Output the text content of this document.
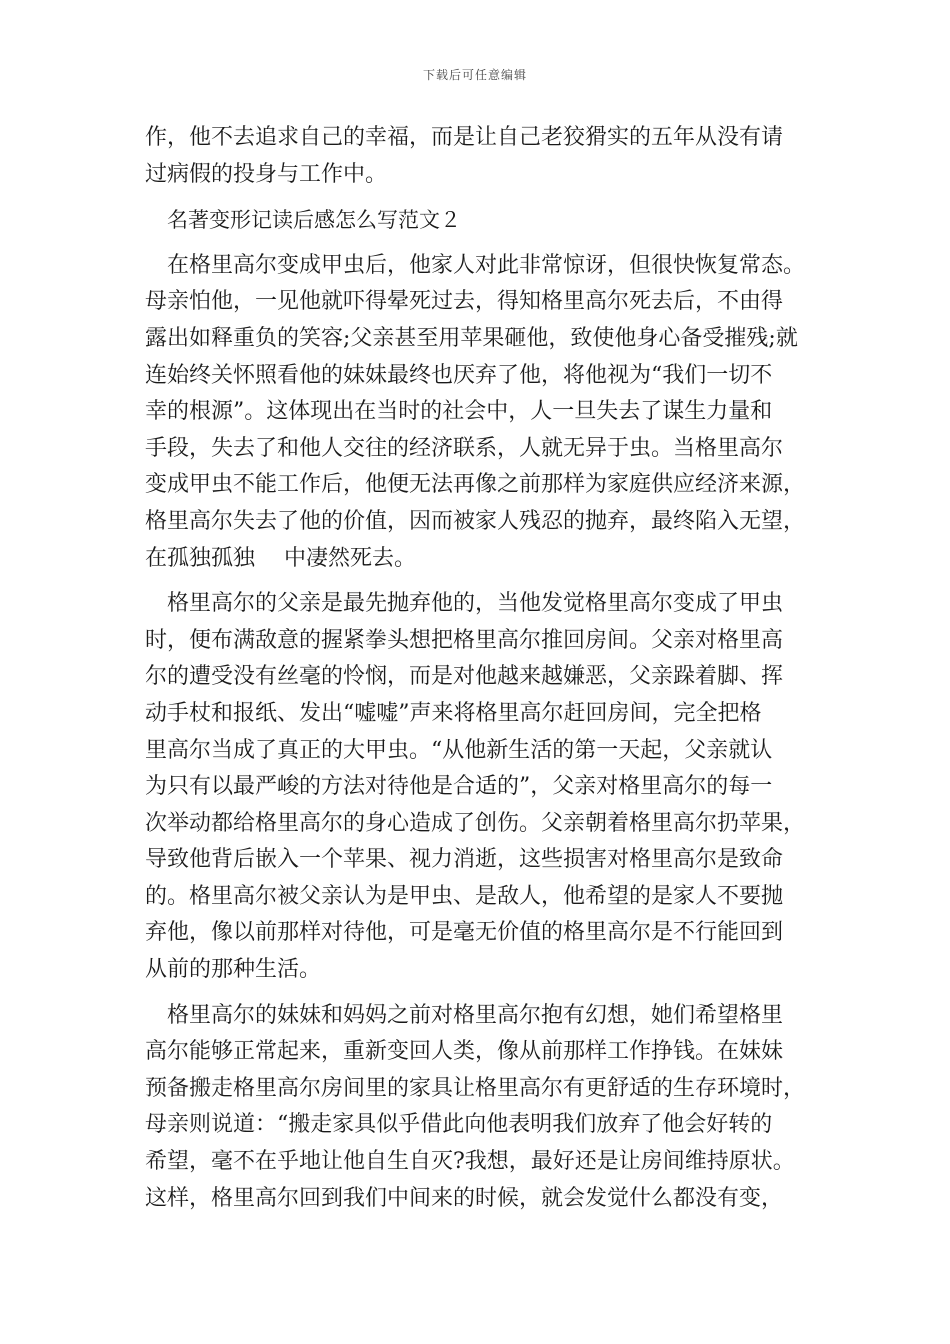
下载后可任意编辑

作，他不去追求自己的幸福，而是让自己老狡猾实的五年从没有请
过病假的投身与工作中。

名著变形记读后感怎么写范文２

在格里高尔变成甲虫后，他家人对此非常惊讶，但很快恢复常态。
母亲怕他，一见他就吓得晕死过去，得知格里高尔死去后，不由得
露出如释重负的笑容;父亲甚至用苹果砸他，致使他身心备受摧残;就
连始终关怀照看他的妹妹最终也厌弃了他，将他视为“我们一切不
幸的根源”。这体现出在当时的社会中，人一旦失去了谋生力量和
手段，失去了和他人交往的经济联系，人就无异于虫。当格里高尔
变成甲虫不能工作后，他便无法再像之前那样为家庭供应经济来源，
格里高尔失去了他的价值，因而被家人残忍的抛弃，最终陷入无望，
在孤独孤独　 中凄然死去。

格里高尔的父亲是最先抛弃他的，当他发觉格里高尔变成了甲虫
时，便布满敌意的握紧拳头想把格里高尔推回房间。父亲对格里高
尔的遭受没有丝毫的怜悯，而是对他越来越嫌恶，父亲跺着脚、挥
动手杖和报纸、发出“嘘嘘”声来将格里高尔赶回房间，完全把格
里高尔当成了真正的大甲虫。“从他新生活的第一天起，父亲就认
为只有以最严峻的方法对待他是合适的”，父亲对格里高尔的每一
次举动都给格里高尔的身心造成了创伤。父亲朝着格里高尔扔苹果，
导致他背后嵌入一个苹果、视力消逝，这些损害对格里高尔是致命
的。格里高尔被父亲认为是甲虫、是敌人，他希望的是家人不要抛
弃他，像以前那样对待他，可是毫无价值的格里高尔是不行能回到
从前的那种生活。

格里高尔的妹妹和妈妈之前对格里高尔抱有幻想，她们希望格里
高尔能够正常起来，重新变回人类，像从前那样工作挣钱。在妹妹
预备搬走格里高尔房间里的家具让格里高尔有更舒适的生存环境时，
母亲则说道：“搬走家具似乎借此向他表明我们放弃了他会好转的
希望，毫不在乎地让他自生自灭?我想，最好还是让房间维持原状。
这样，格里高尔回到我们中间来的时候，就会发觉什么都没有变，
